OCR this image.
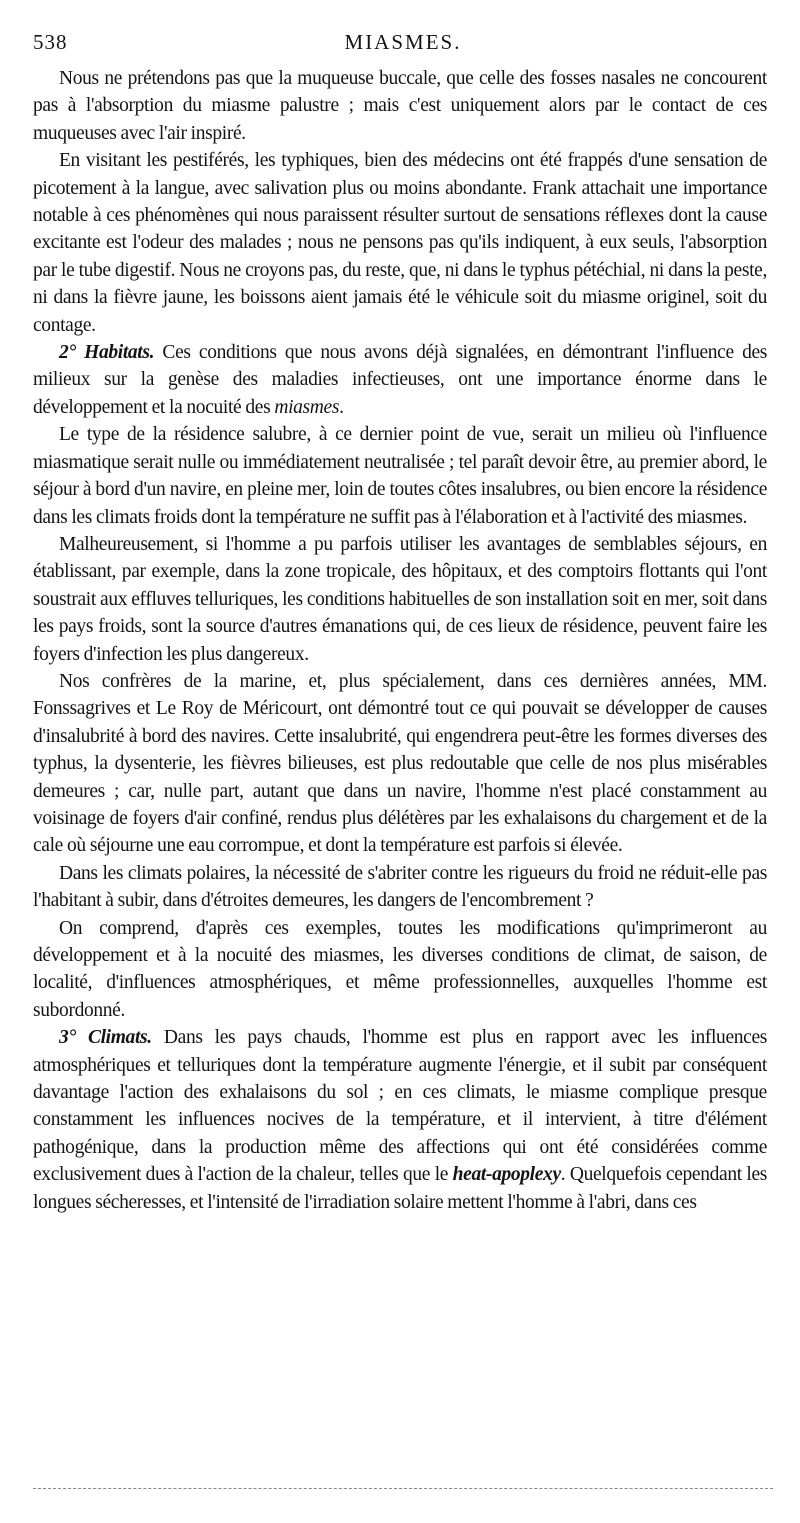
538	MIASMES.

Nous ne prétendons pas que la muqueuse buccale, que celle des fosses nasales ne concourent pas à l'absorption du miasme palustre ; mais c'est uniquement alors par le contact de ces muqueuses avec l'air inspiré.

En visitant les pestiférés, les typhiques, bien des médecins ont été frappés d'une sensation de picotement à la langue, avec salivation plus ou moins abondante. Frank attachait une importance notable à ces phénomènes qui nous paraissent résulter surtout de sensations réflexes dont la cause excitante est l'odeur des malades ; nous ne pensons pas qu'ils indiquent, à eux seuls, l'absorption par le tube digestif. Nous ne croyons pas, du reste, que, ni dans le typhus pétéchial, ni dans la peste, ni dans la fièvre jaune, les boissons aient jamais été le véhicule soit du miasme originel, soit du contage.

2° Habitats. Ces conditions que nous avons déjà signalées, en démontrant l'influence des milieux sur la genèse des maladies infectieuses, ont une importance énorme dans le développement et la nocuité des miasmes.

Le type de la résidence salubre, à ce dernier point de vue, serait un milieu où l'influence miasmatique serait nulle ou immédiatement neutralisée ; tel paraît devoir être, au premier abord, le séjour à bord d'un navire, en pleine mer, loin de toutes côtes insalubres, ou bien encore la résidence dans les climats froids dont la température ne suffit pas à l'élaboration et à l'activité des miasmes.

Malheureusement, si l'homme a pu parfois utiliser les avantages de semblables séjours, en établissant, par exemple, dans la zone tropicale, des hôpitaux, et des comptoirs flottants qui l'ont soustrait aux effluves telluriques, les conditions habituelles de son installation soit en mer, soit dans les pays froids, sont la source d'autres émanations qui, de ces lieux de résidence, peuvent faire les foyers d'infection les plus dangereux.

Nos confrères de la marine, et, plus spécialement, dans ces dernières années, MM. Fonssagrives et Le Roy de Méricourt, ont démontré tout ce qui pouvait se développer de causes d'insalubrité à bord des navires. Cette insalubrité, qui engendrera peut-être les formes diverses des typhus, la dysenterie, les fièvres bilieuses, est plus redoutable que celle de nos plus misérables demeures ; car, nulle part, autant que dans un navire, l'homme n'est placé constamment au voisinage de foyers d'air confiné, rendus plus délétères par les exhalaisons du chargement et de la cale où séjourne une eau corrompue, et dont la température est parfois si élevée.

Dans les climats polaires, la nécessité de s'abriter contre les rigueurs du froid ne réduit-elle pas l'habitant à subir, dans d'étroites demeures, les dangers de l'encombrement ?

On comprend, d'après ces exemples, toutes les modifications qu'imprimeront au développement et à la nocuité des miasmes, les diverses conditions de climat, de saison, de localité, d'influences atmosphériques, et même professionnelles, auxquelles l'homme est subordonné.

3° Climats. Dans les pays chauds, l'homme est plus en rapport avec les influences atmosphériques et telluriques dont la température augmente l'énergie, et il subit par conséquent davantage l'action des exhalaisons du sol ; en ces climats, le miasme complique presque constamment les influences nocives de la température, et il intervient, à titre d'élément pathogénique, dans la production même des affections qui ont été considérées comme exclusivement dues à l'action de la chaleur, telles que le heat-apoplexy. Quelquefois cependant les longues sécheresses, et l'intensité de l'irradiation solaire mettent l'homme à l'abri, dans ces
